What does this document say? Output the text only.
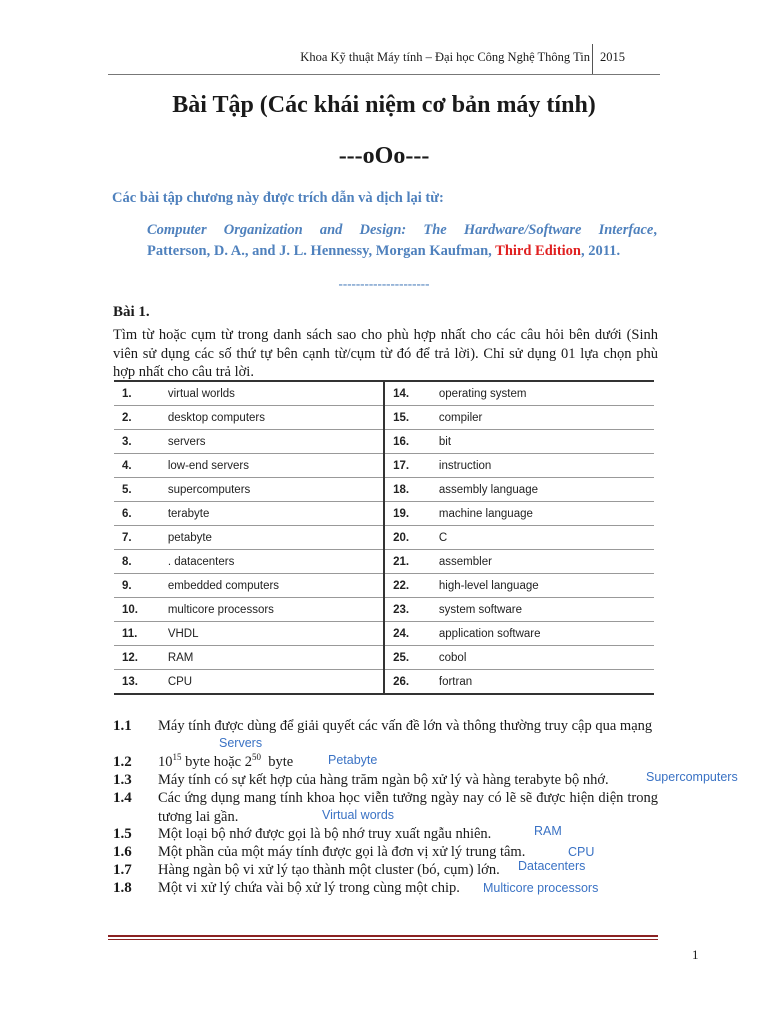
Khoa Kỹ thuật Máy tính – Đại học Công Nghệ Thông Tin 2015
Bài Tập (Các khái niệm cơ bản máy tính)
---oOo---
Các bài tập chương này được trích dẫn và dịch lại từ:
Computer Organization and Design: The Hardware/Software Interface,
Patterson, D. A., and J. L. Hennessy, Morgan Kaufman, Third Edition, 2011.
---------------------
Bài 1.
Tìm từ hoặc cụm từ trong danh sách sao cho phù hợp nhất cho các câu hỏi bên dưới (Sinh viên sử dụng các số thứ tự bên cạnh từ/cụm từ đó để trả lời). Chỉ sử dụng 01 lựa chọn phù hợp nhất cho câu trả lời.
1.	virtual worlds	14.	operating system
2.	desktop computers	15.	compiler
3.	servers	16.	bit
4.	low-end servers	17.	instruction
5.	supercomputers	18.	assembly language
6.	terabyte	19.	machine language
7.	petabyte	20.	C
8.	. datacenters	21.	assembler
9.	embedded computers	22.	high-level language
10.	multicore processors	23.	system software
11.	VHDL	24.	application software
12.	RAM	25.	cobol
13.	CPU	26.	fortran
1.1 Máy tính được dùng để giải quyết các vấn đề lớn và thông thường truy cập qua mạng
1.2 $10^{15}$ byte hoặc $2^{50}$  byte
1.3 Máy tính có sự kết hợp của hàng trăm ngàn bộ xử lý và hàng terabyte bộ nhớ.
1.4 Các ứng dụng mang tính khoa học viễn tưởng ngày nay có lẽ sẽ được hiện diện trong tương lai gần.
1.5 Một loại bộ nhớ được gọi là bộ nhớ truy xuất ngẫu nhiên.
1.6 Một phần của một máy tính được gọi là đơn vị xử lý trung tâm.
1.7 Hàng ngàn bộ vi xử lý tạo thành một cluster (bó, cụm) lớn.
1.8 Một vi xử lý chứa vài bộ xử lý trong cùng một chip.
Servers
Petabyte
Supercomputers
Virtual words
RAM
CPU
Datacenters
Multicore processors
1
